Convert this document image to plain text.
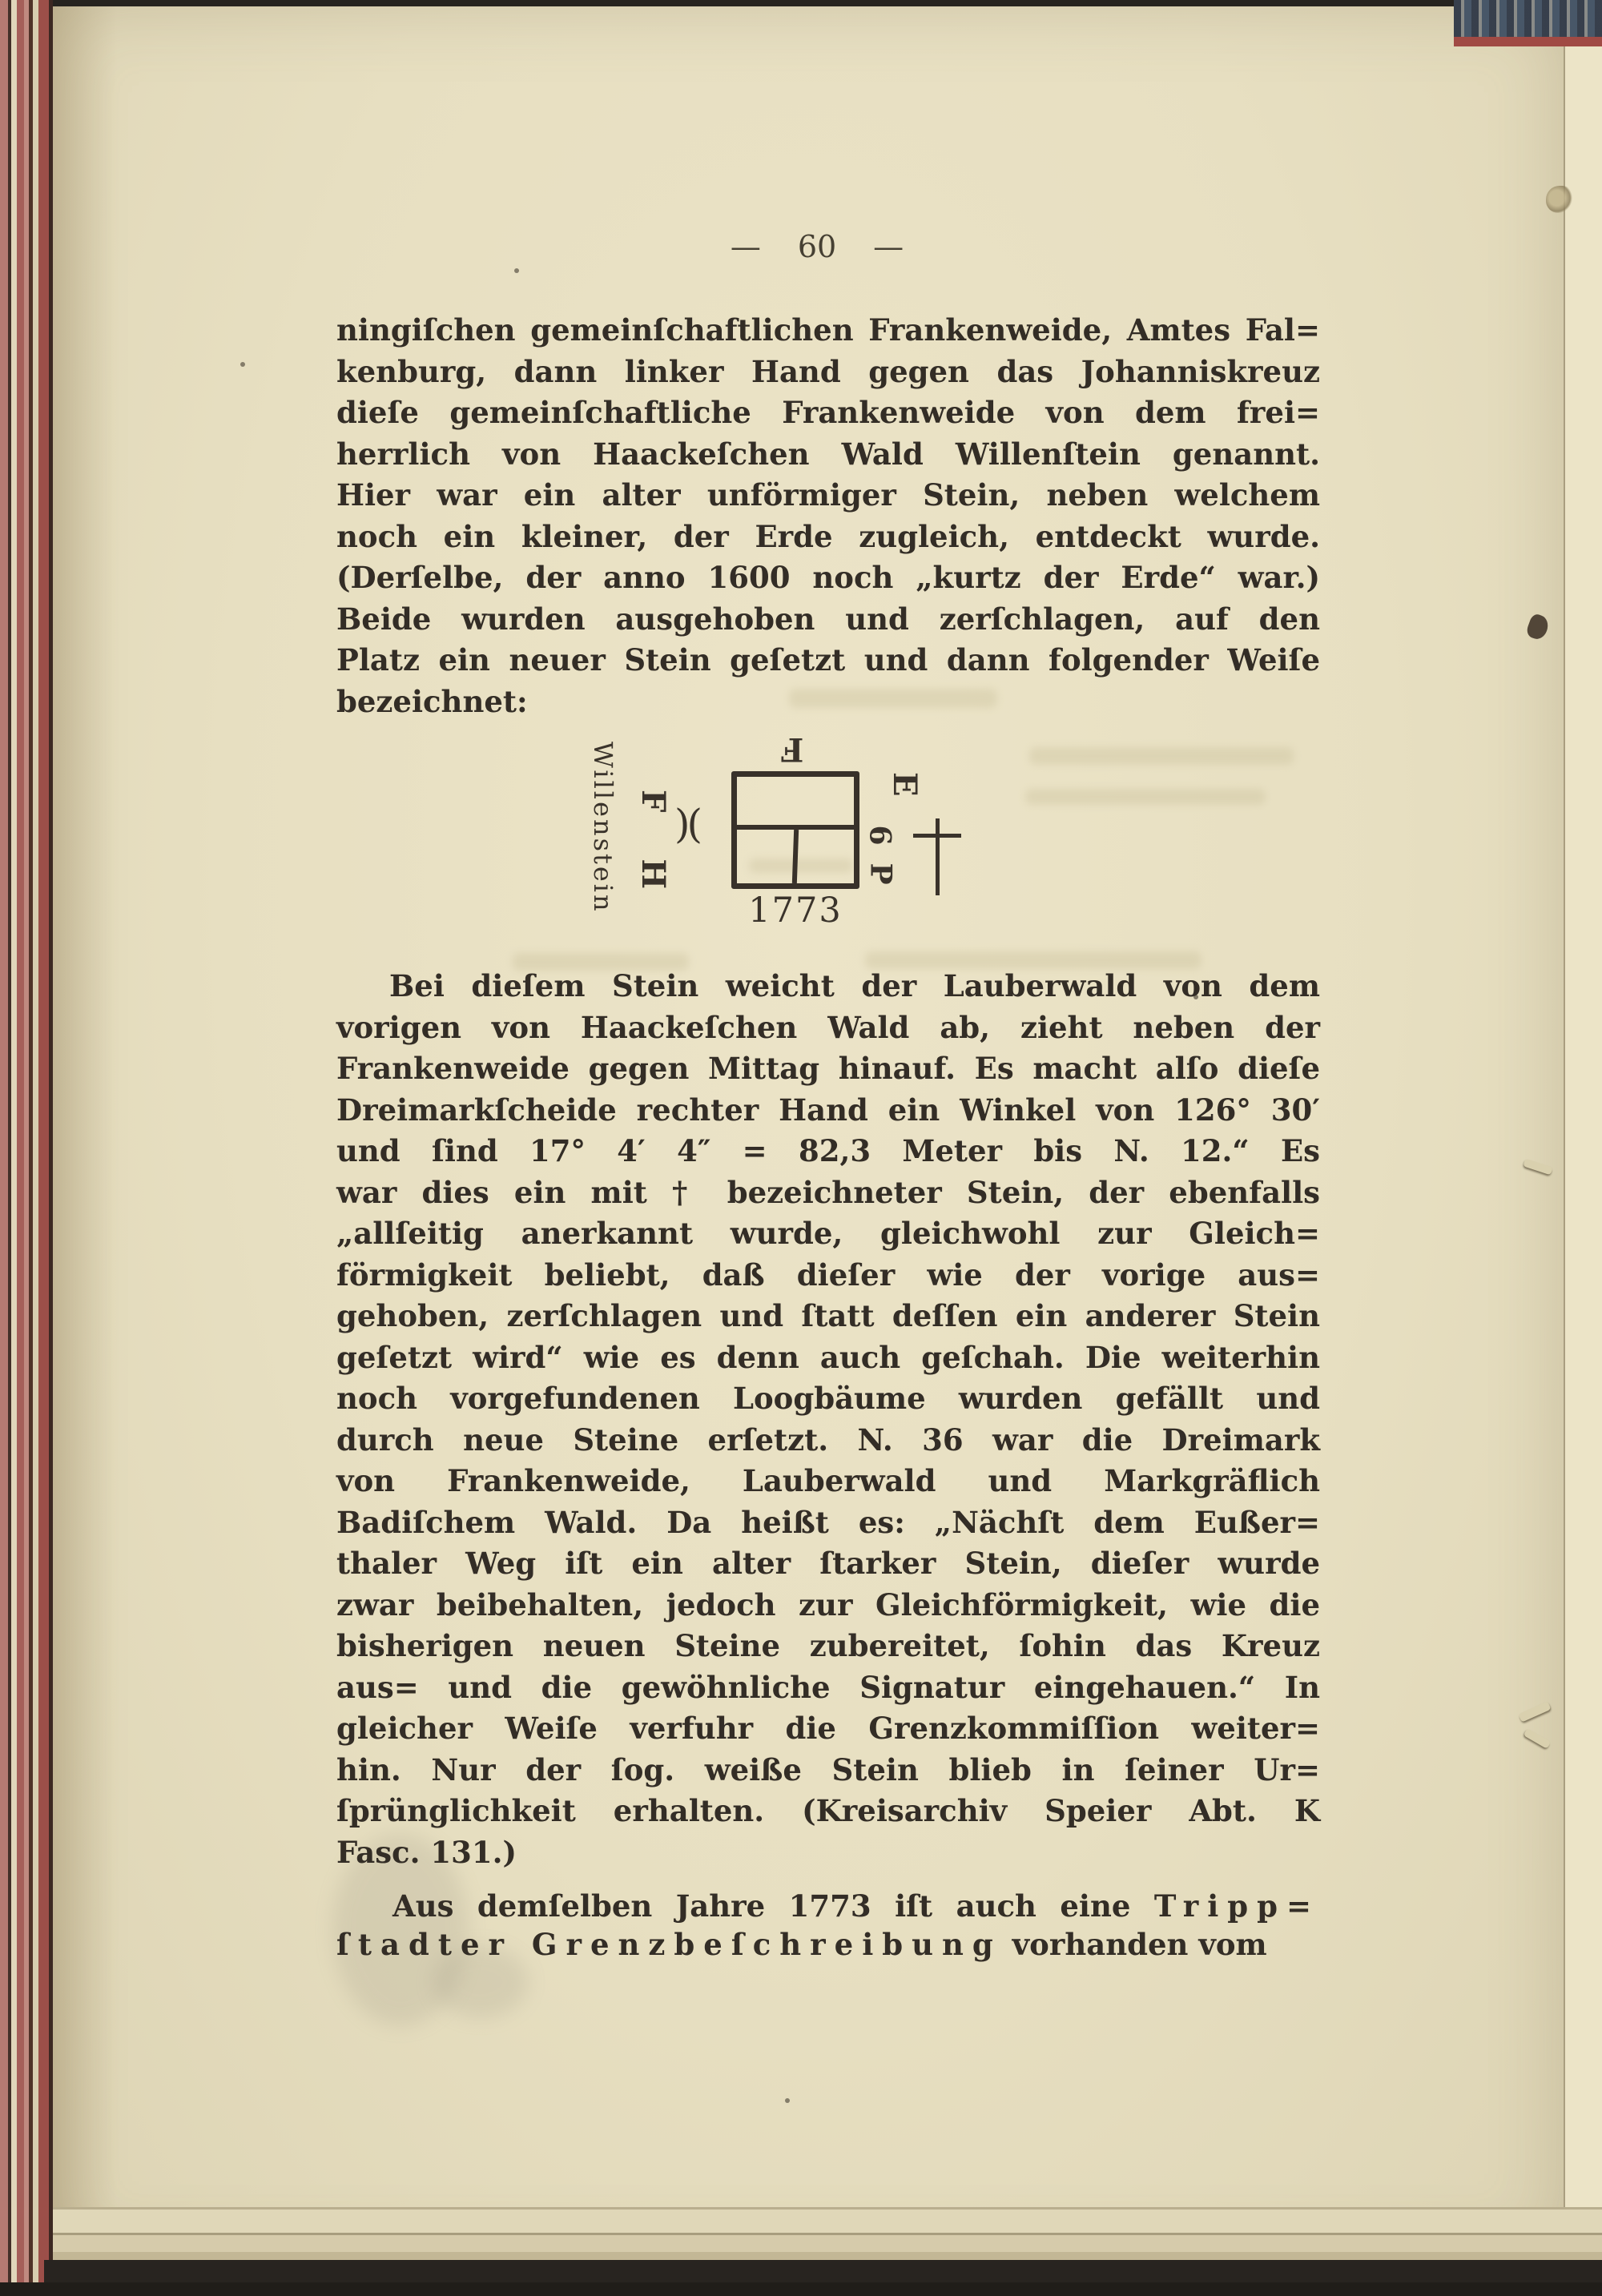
— 60 —
ningiſchen gemeinſchaftlichen Frankenweide, Amtes Fal=
kenburg, dann linker Hand gegen das Johanniskreuz
dieſe gemeinſchaftliche Frankenweide von dem frei=
herrlich von Haackeſchen Wald Willenſtein genannt.
Hier war ein alter unförmiger Stein, neben welchem
noch ein kleiner, der Erde zugleich, entdeckt wurde.
(Derſelbe, der anno 1600 noch „kurtz der Erde“ war.)
Beide wurden ausgehoben und zerſchlagen, auf den
Platz ein neuer Stein geſetzt und dann folgender Weiſe
bezeichnet:
Willenstein F H )(
F
E
6
P
1773
Bei dieſem Stein weicht der Lauberwald von dem
vorigen von Haackeſchen Wald ab, zieht neben der
Frankenweide gegen Mittag hinauf. Es macht alſo dieſe
Dreimarkſcheide rechter Hand ein Winkel von 126° 30′
und ſind 17° 4′ 4″ = 82,3 Meter bis N. 12.“ Es
war dies ein mit † bezeichneter Stein, der ebenfalls
„allſeitig anerkannt wurde, gleichwohl zur Gleich=
förmigkeit beliebt, daß dieſer wie der vorige aus=
gehoben, zerſchlagen und ſtatt deſſen ein anderer Stein
geſetzt wird“ wie es denn auch geſchah. Die weiterhin
noch vorgefundenen Loogbäume wurden gefällt und
durch neue Steine erſetzt. N. 36 war die Dreimark
von Frankenweide, Lauberwald und Markgräflich
Badiſchem Wald. Da heißt es: „Nächſt dem Eußer=
thaler Weg iſt ein alter ſtarker Stein, dieſer wurde
zwar beibehalten, jedoch zur Gleichförmigkeit, wie die
bisherigen neuen Steine zubereitet, ſohin das Kreuz
aus= und die gewöhnliche Signatur eingehauen.“ In
gleicher Weiſe verfuhr die Grenzkommiſſion weiter=
hin. Nur der ſog. weiße Stein blieb in ſeiner Ur=
ſprünglichkeit erhalten. (Kreisarchiv Speier Abt. K
Fasc. 131.)
Aus demſelben Jahre 1773 iſt auch eine Tripp=
ſtadter Grenzbeſchreibung vorhanden vom
